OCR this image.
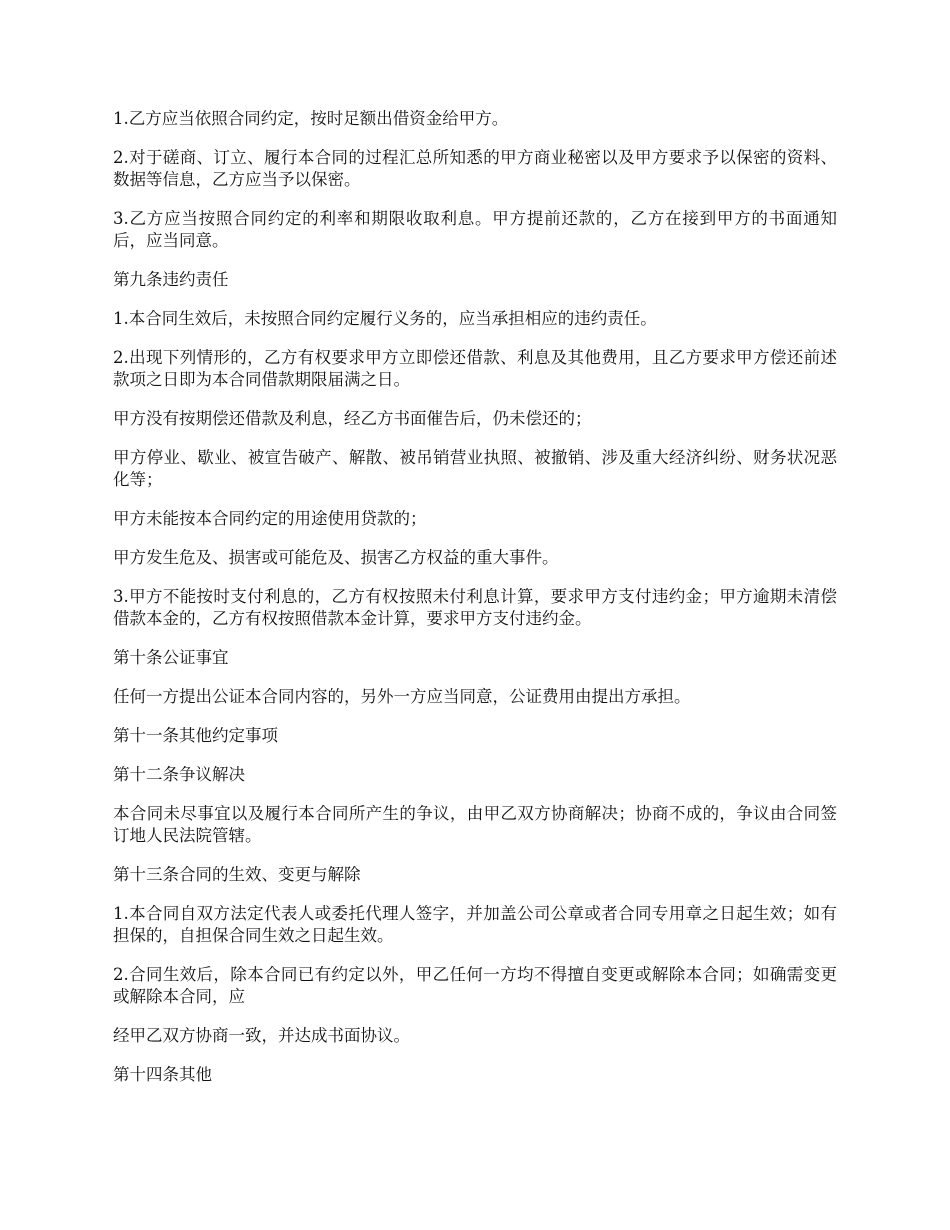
1.乙方应当依照合同约定，按时足额出借资金给甲方。

2.对于磋商、订立、履行本合同的过程汇总所知悉的甲方商业秘密以及甲方要求予以保密的资料、数据等信息，乙方应当予以保密。

3.乙方应当按照合同约定的利率和期限收取利息。甲方提前还款的，乙方在接到甲方的书面通知后，应当同意。

第九条违约责任

1.本合同生效后，未按照合同约定履行义务的，应当承担相应的违约责任。

2.出现下列情形的，乙方有权要求甲方立即偿还借款、利息及其他费用，且乙方要求甲方偿还前述款项之日即为本合同借款期限届满之日。

甲方没有按期偿还借款及利息，经乙方书面催告后，仍未偿还的；

甲方停业、歇业、被宣告破产、解散、被吊销营业执照、被撤销、涉及重大经济纠纷、财务状况恶化等；

甲方未能按本合同约定的用途使用贷款的；

甲方发生危及、损害或可能危及、损害乙方权益的重大事件。

3.甲方不能按时支付利息的，乙方有权按照未付利息计算，要求甲方支付违约金；甲方逾期未清偿借款本金的，乙方有权按照借款本金计算，要求甲方支付违约金。

第十条公证事宜

任何一方提出公证本合同内容的，另外一方应当同意，公证费用由提出方承担。

第十一条其他约定事项

第十二条争议解决

本合同未尽事宜以及履行本合同所产生的争议，由甲乙双方协商解决；协商不成的，争议由合同签订地人民法院管辖。

第十三条合同的生效、变更与解除

1.本合同自双方法定代表人或委托代理人签字，并加盖公司公章或者合同专用章之日起生效；如有担保的，自担保合同生效之日起生效。

2.合同生效后，除本合同已有约定以外，甲乙任何一方均不得擅自变更或解除本合同；如确需变更或解除本合同，应

经甲乙双方协商一致，并达成书面协议。

第十四条其他
